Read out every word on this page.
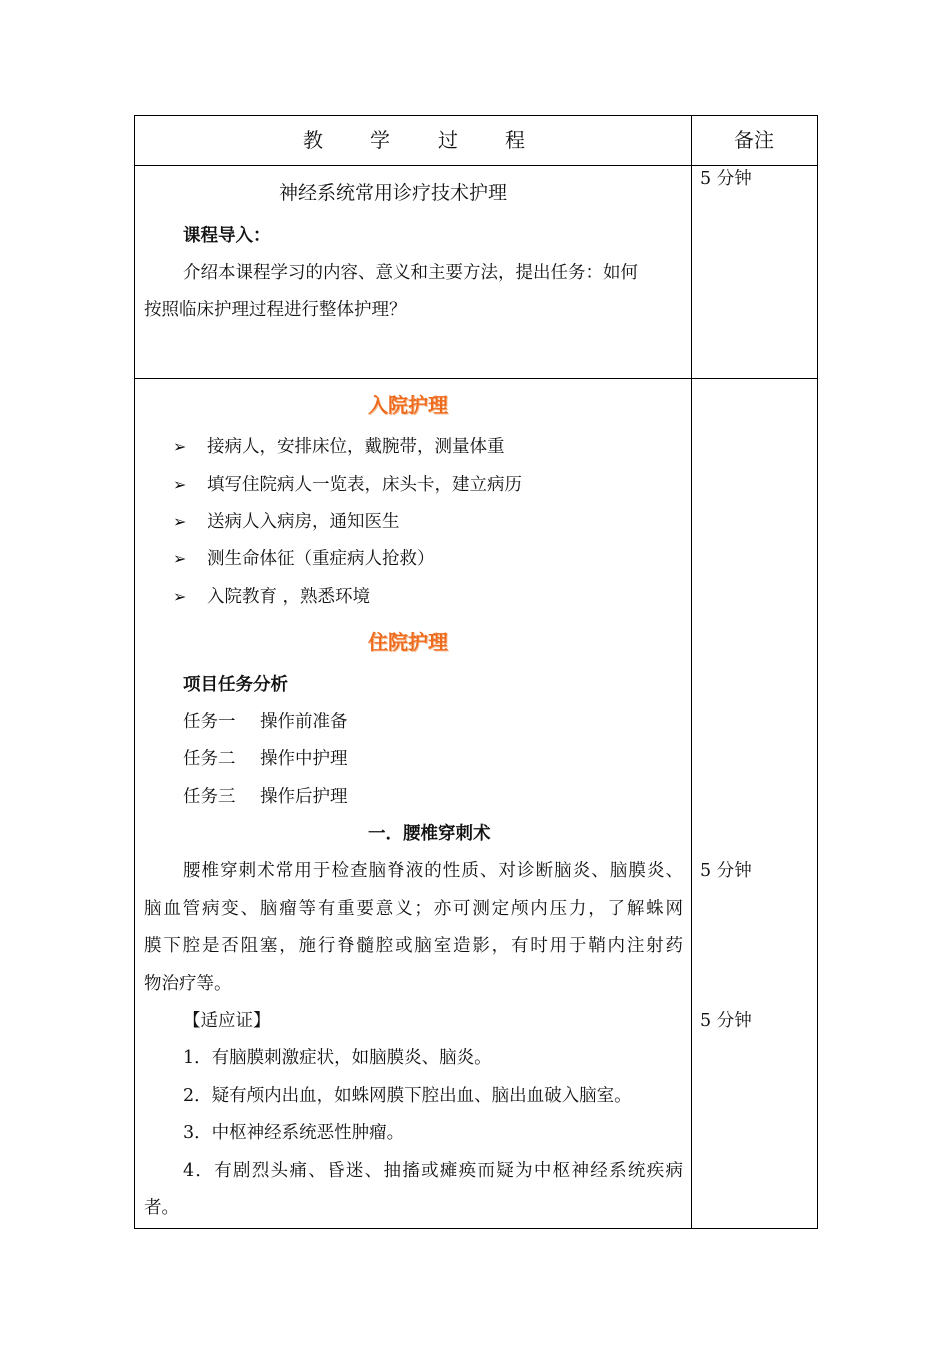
教 学 过 程	备注
神经系统常用诊疗技术护理
5 分钟
课程导入：
介绍本课程学习的内容、意义和主要方法，提出任务：如何
按照临床护理过程进行整体护理？
入院护理
➢ 接病人，安排床位，戴腕带，测量体重
➢ 填写住院病人一览表，床头卡，建立病历
➢ 送病人入病房，通知医生
➢ 测生命体征（重症病人抢救）
➢ 入院教育 ，熟悉环境
住院护理
项目任务分析
任务一 操作前准备
任务二 操作中护理
任务三 操作后护理
一．腰椎穿刺术
腰椎穿刺术常用于检查脑脊液的性质、对诊断脑炎、脑膜炎、
脑血管病变、脑瘤等有重要意义；亦可测定颅内压力，了解蛛网
膜下腔是否阻塞，施行脊髓腔或脑室造影，有时用于鞘内注射药
物治疗等。
5 分钟
【适应证】	5 分钟
1．有脑膜刺激症状，如脑膜炎、脑炎。
2．疑有颅内出血，如蛛网膜下腔出血、脑出血破入脑室。
3．中枢神经系统恶性肿瘤。
4．有剧烈头痛、昏迷、抽搐或瘫痪而疑为中枢神经系统疾病
者。
